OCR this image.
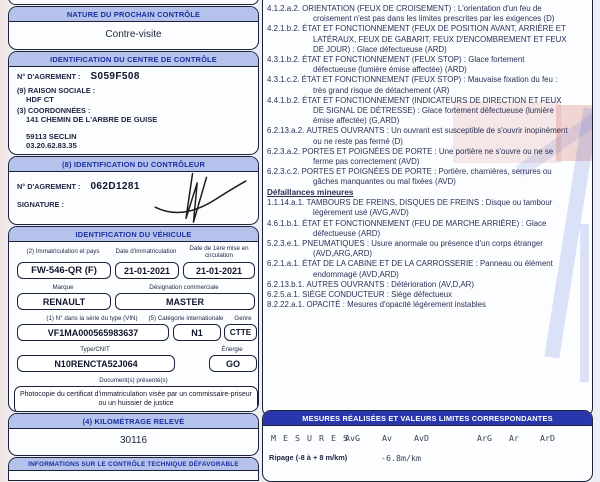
NATURE DU PROCHAIN CONTRÔLE
Contre-visite
IDENTIFICATION DU CENTRE DE CONTRÔLE
N° D'AGREMENT : S059F508
(9) RAISON SOCIALE :
HDF CT
(3) COORDONNÉES :
141 CHEMIN DE L'ARBRE DE GUISE
59113 SECLIN
03.20.62.83.35
(8) IDENTIFICATION DU CONTRÔLEUR
N° D'AGREMENT : 062D1281
SIGNATURE :
IDENTIFICATION DU VÉHICULE
(2) Immatriculation et pays	Date d'immatriculation	Date de 1ère mise en circulation
FW-546-QR (F)	21-01-2021	21-01-2021
Marque	Désignation commerciale
RENAULT	MASTER
(1) N° dans la série du type (VIN)	(5) Catégorie internationale	Genre
VF1MA000565983637	N1	CTTE
Type/CNIT	Énergie
N10RENCTA52J064	GO
Document(s) présenté(s)
Photocopie du certificat d'immatriculation visée par un commissaire-priseur ou un huissier de justice
(4) KILOMÉTRAGE RELEVÉ
30116
INFORMATIONS SUR LE CONTRÔLE TECHNIQUE DÉFAVORABLE
4.1.2.a.2. ORIENTATION (FEUX DE CROISEMENT) : L'orientation d'un feu de croisement n'est pas dans les limites prescrites par les exigences (D)
4.2.1.b.2. ÉTAT ET FONCTIONNEMENT (FEUX DE POSITION AVANT, ARRIÈRE ET LATÉRAUX, FEUX DE GABARIT, FEUX D'ENCOMBREMENT ET FEUX DE JOUR) : Glace défectueuse (ARD)
4.3.1.b.2. ÉTAT ET FONCTIONNEMENT (FEUX STOP) : Glace fortement défectueuse (lumière émise affectée) (ARD)
4.3.1.c.2. ÉTAT ET FONCTIONNEMENT (FEUX STOP) : Mauvaise fixation du feu : très grand risque de détachement (AR)
4.4.1.b.2. ÉTAT ET FONCTIONNEMENT (INDICATEURS DE DIRECTION ET FEUX DE SIGNAL DE DÉTRESSE) : Glace fortement défectueuse (lumière émise affectée) (G,ARD)
6.2.13.a.2. AUTRES OUVRANTS : Un ouvrant est susceptible de s'ouvrir inopinément ou ne reste pas fermé (D)
6.2.3.a.2. PORTES ET POIGNÉES DE PORTE : Une portière ne s'ouvre ou ne se ferme pas correctement (AVD)
6.2.3.c.2. PORTES ET POIGNÉES DE PORTE : Portière, charnières, serrures ou gâches manquantes ou mal fixées (AVD)
Défaillances mineures
1.1.14.a.1. TAMBOURS DE FREINS, DISQUES DE FREINS : Disque ou tambour légèrement usé (AVG,AVD)
4.6.1.b.1. ÉTAT ET FONCTIONNEMENT (FEU DE MARCHE ARRIÈRE) : Glace défectueuse (ARD)
5.2.3.e.1. PNEUMATIQUES : Usure anormale ou présence d'un corps étranger (AVD,ARG,ARD)
6.2.1.a.1. ÉTAT DE LA CABINE ET DE LA CARROSSERIE : Panneau ou élément endommagé (AVD,ARD)
6.2.13.b.1. AUTRES OUVRANTS : Détérioration (AV,D,AR)
6.2.5.a.1. SIÈGE CONDUCTEUR : Siège défectueux
8.2.22.a.1. OPACITÉ : Mesures d'opacité légèrement instables
MESURES RÉALISÉES ET VALEURS LIMITES CORRESPONDANTES
M E S U R E S
AvG	Av	AvD	ArG Ar	ArD
Ripage (-8 à + 8 m/km)	-6.8m/km
